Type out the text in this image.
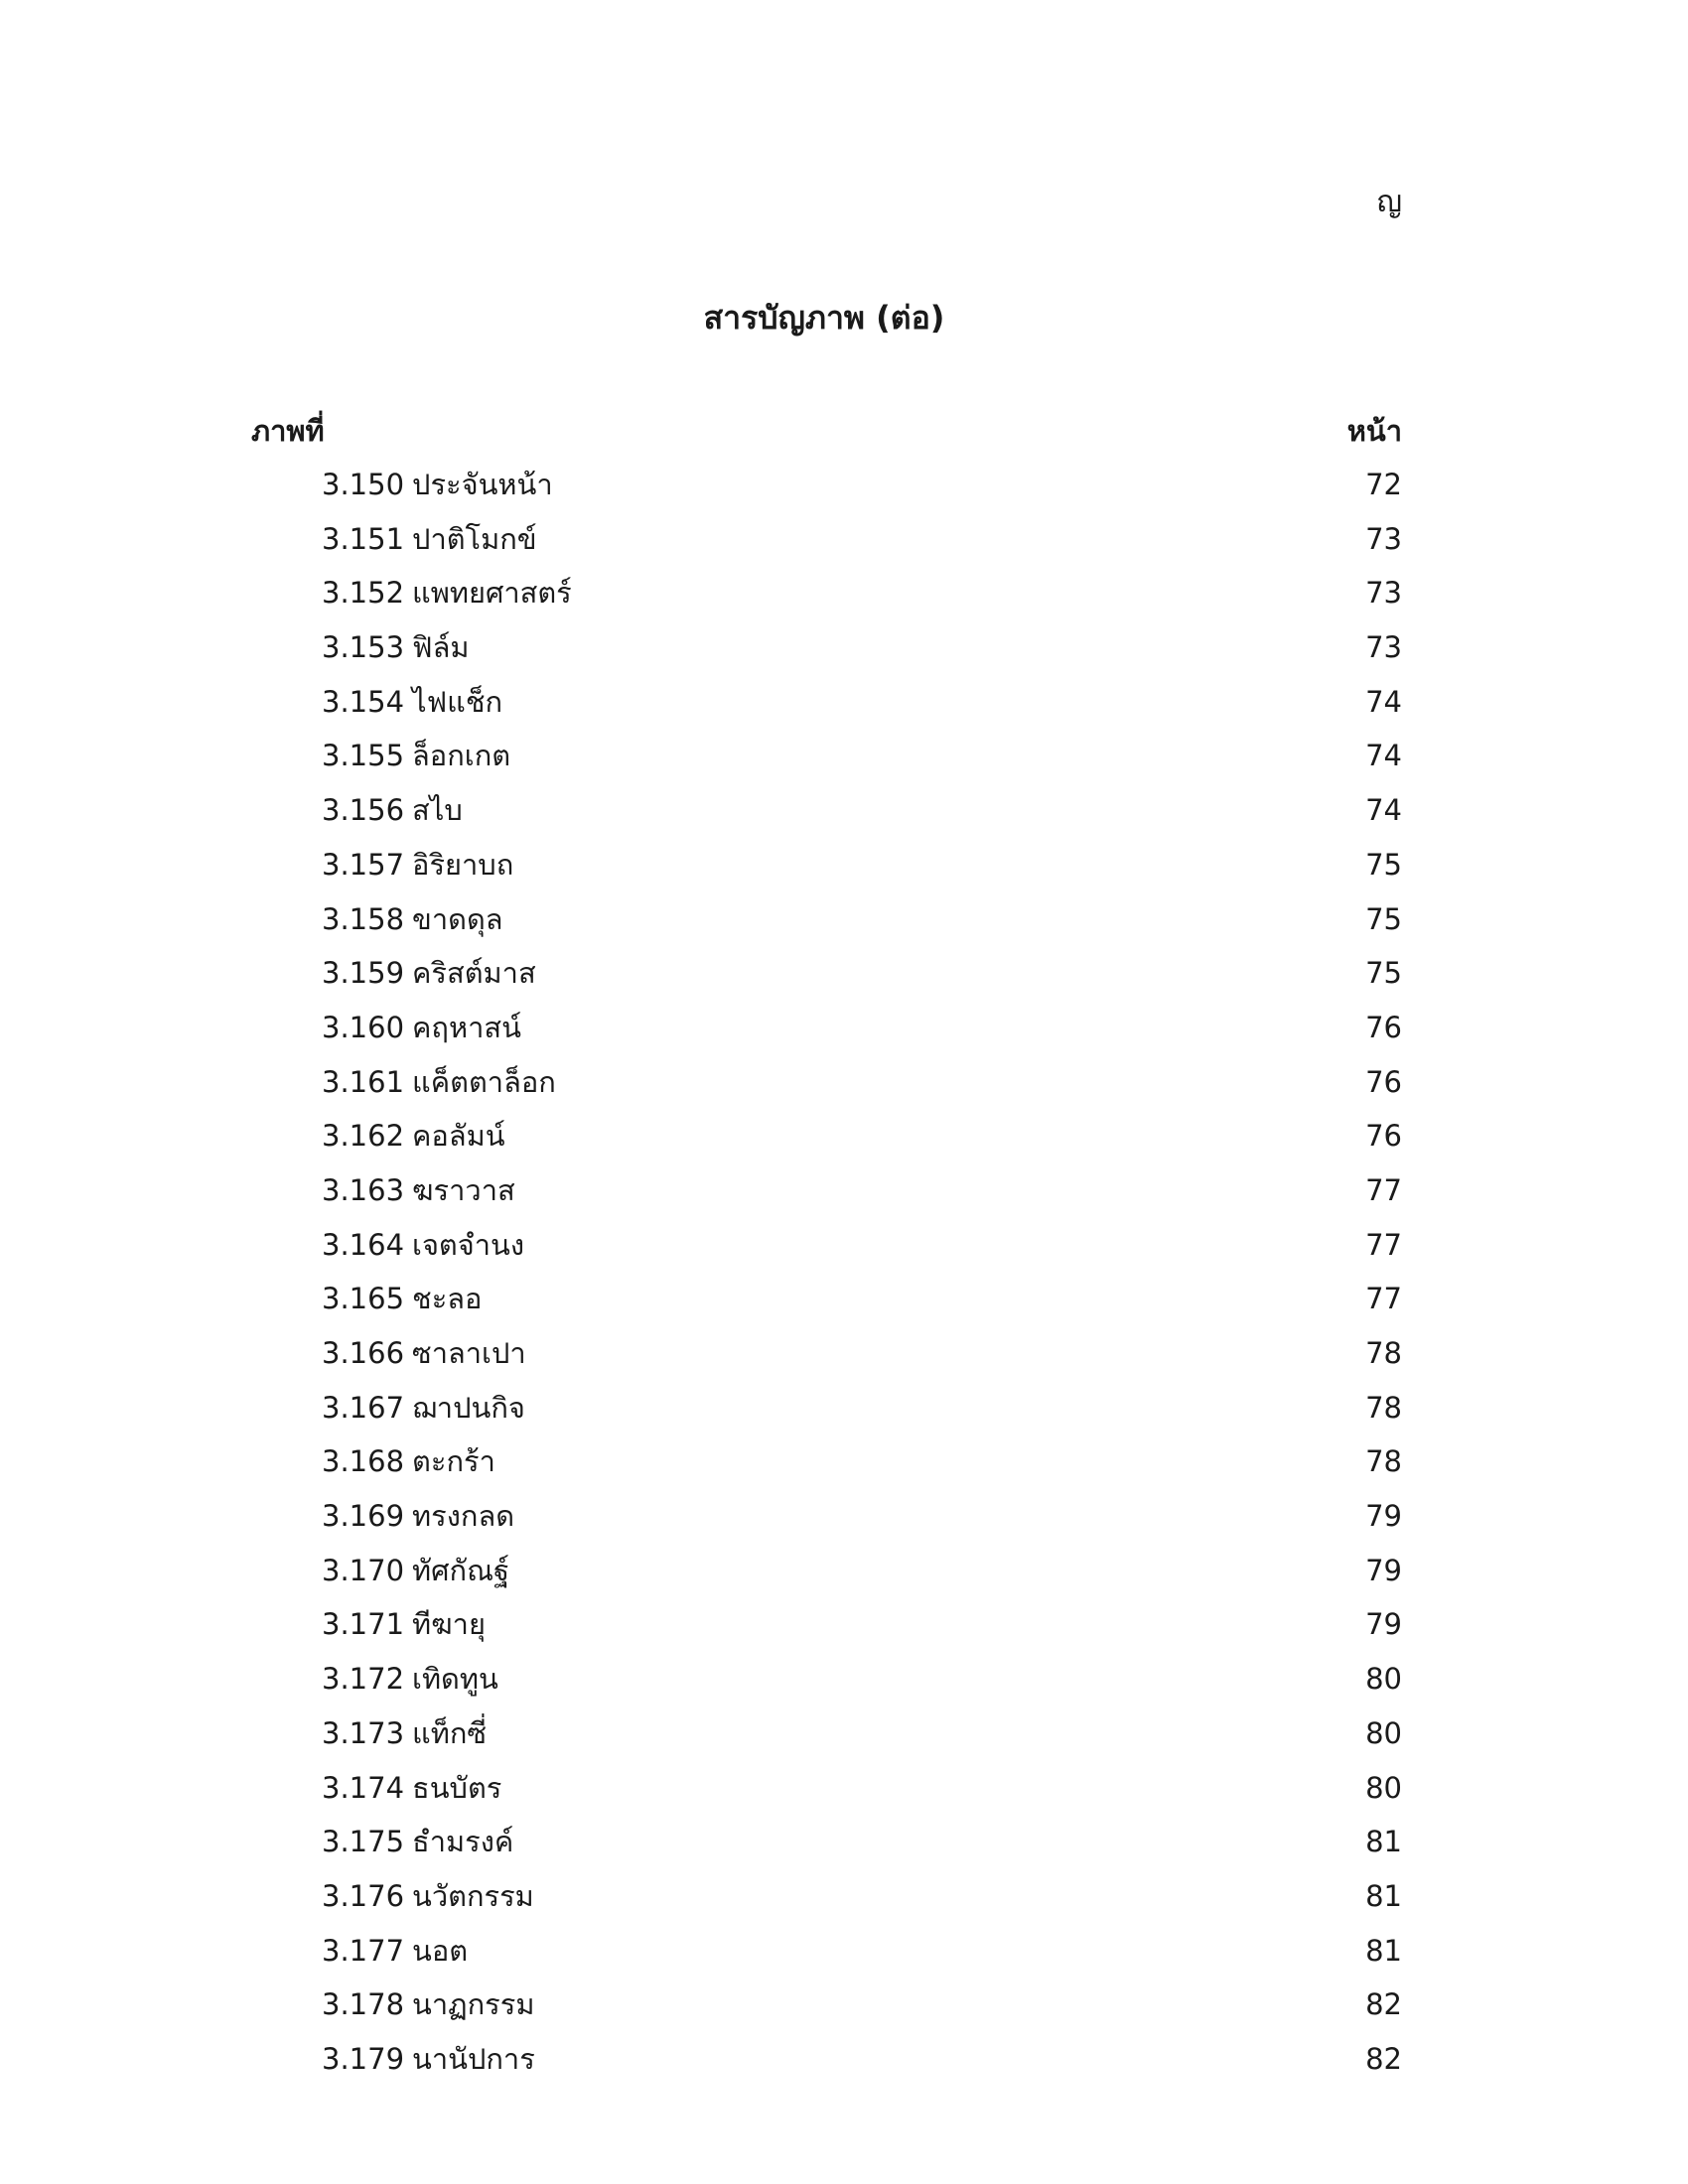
ญ
สารบัญภาพ (ต่อ)
ภาพที่	หน้า
3.150 ประจันหน้า	72
3.151 ปาติโมกข์	73
3.152 แพทยศาสตร์	73
3.153 ฟิล์ม	73
3.154 ไฟแช็ก	74
3.155 ล็อกเกต	74
3.156 สไบ	74
3.157 อิริยาบถ	75
3.158 ขาดดุล	75
3.159 คริสต์มาส	75
3.160 คฤหาสน์	76
3.161 แค็ตตาล็อก	76
3.162 คอลัมน์	76
3.163 ฆราวาส	77
3.164 เจตจำนง	77
3.165 ชะลอ	77
3.166 ซาลาเปา	78
3.167 ฌาปนกิจ	78
3.168 ตะกร้า	78
3.169 ทรงกลด	79
3.170 ทัศกัณฐ์	79
3.171 ทีฆายุ	79
3.172 เทิดทูน	80
3.173 แท็กซี่	80
3.174 ธนบัตร	80
3.175 ธำมรงค์	81
3.176 นวัตกรรม	81
3.177 นอต	81
3.178 นาฏกรรม	82
3.179 นานัปการ	82
